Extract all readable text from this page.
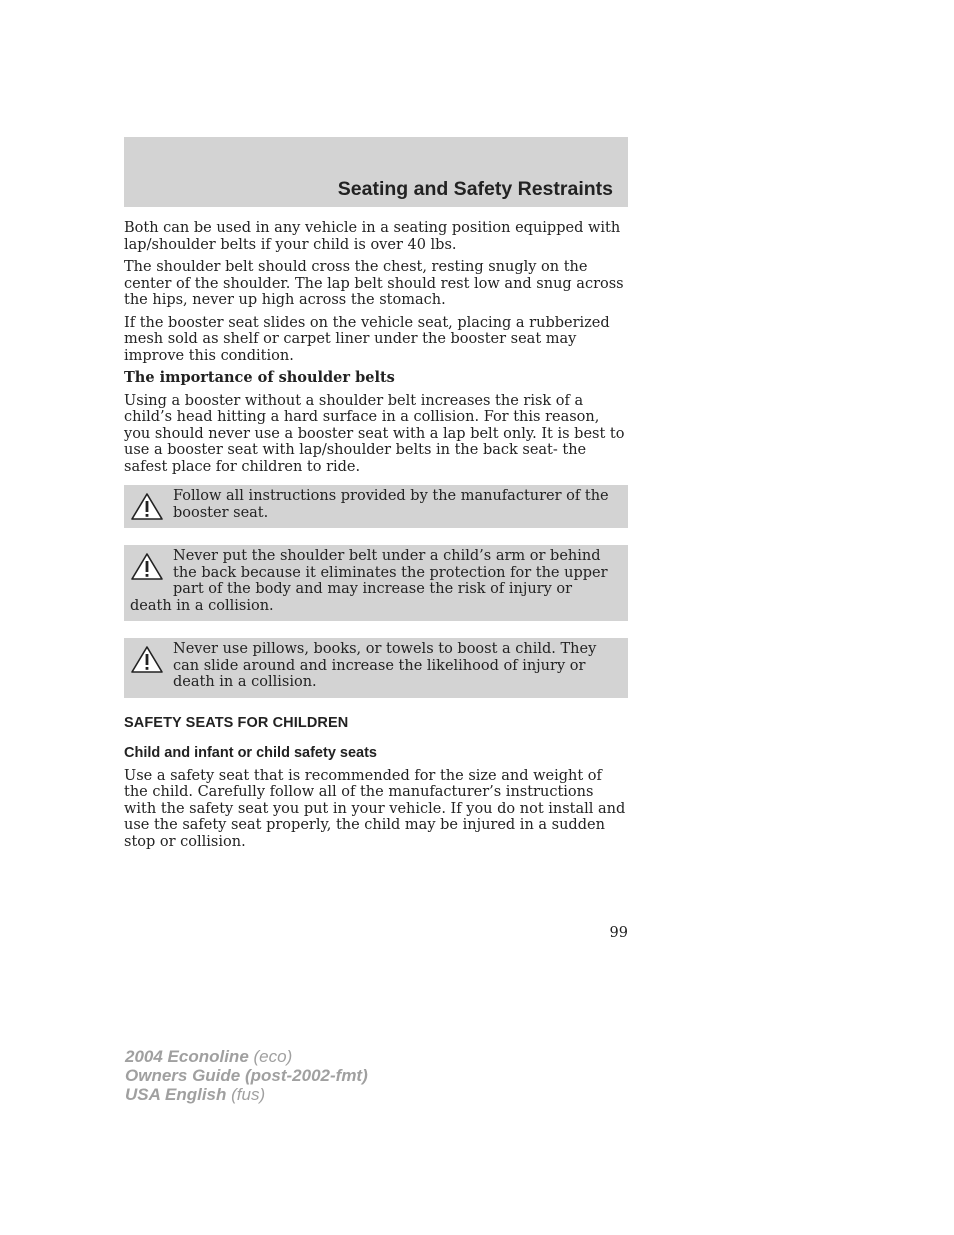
Seating and Safety Restraints

Both can be used in any vehicle in a seating position equipped with lap/shoulder belts if your child is over 40 lbs.

The shoulder belt should cross the chest, resting snugly on the center of the shoulder. The lap belt should rest low and snug across the hips, never up high across the stomach.

If the booster seat slides on the vehicle seat, placing a rubberized mesh sold as shelf or carpet liner under the booster seat may improve this condition.

The importance of shoulder belts

Using a booster without a shoulder belt increases the risk of a child’s head hitting a hard surface in a collision. For this reason, you should never use a booster seat with a lap belt only. It is best to use a booster seat with lap/shoulder belts in the back seat- the safest place for children to ride.

Follow all instructions provided by the manufacturer of the booster seat.
Never put the shoulder belt under a child’s arm or behind the back because it eliminates the protection for the upper part of the body and may increase the risk of injury or death in a collision.
Never use pillows, books, or towels to boost a child. They can slide around and increase the likelihood of injury or death in a collision.
SAFETY SEATS FOR CHILDREN
Child and infant or child safety seats

Use a safety seat that is recommended for the size and weight of the child. Carefully follow all of the manufacturer’s instructions with the safety seat you put in your vehicle. If you do not install and use the safety seat properly, the child may be injured in a sudden stop or collision.

99
2004 Econoline (eco)
Owners Guide (post-2002-fmt)
USA English (fus)
